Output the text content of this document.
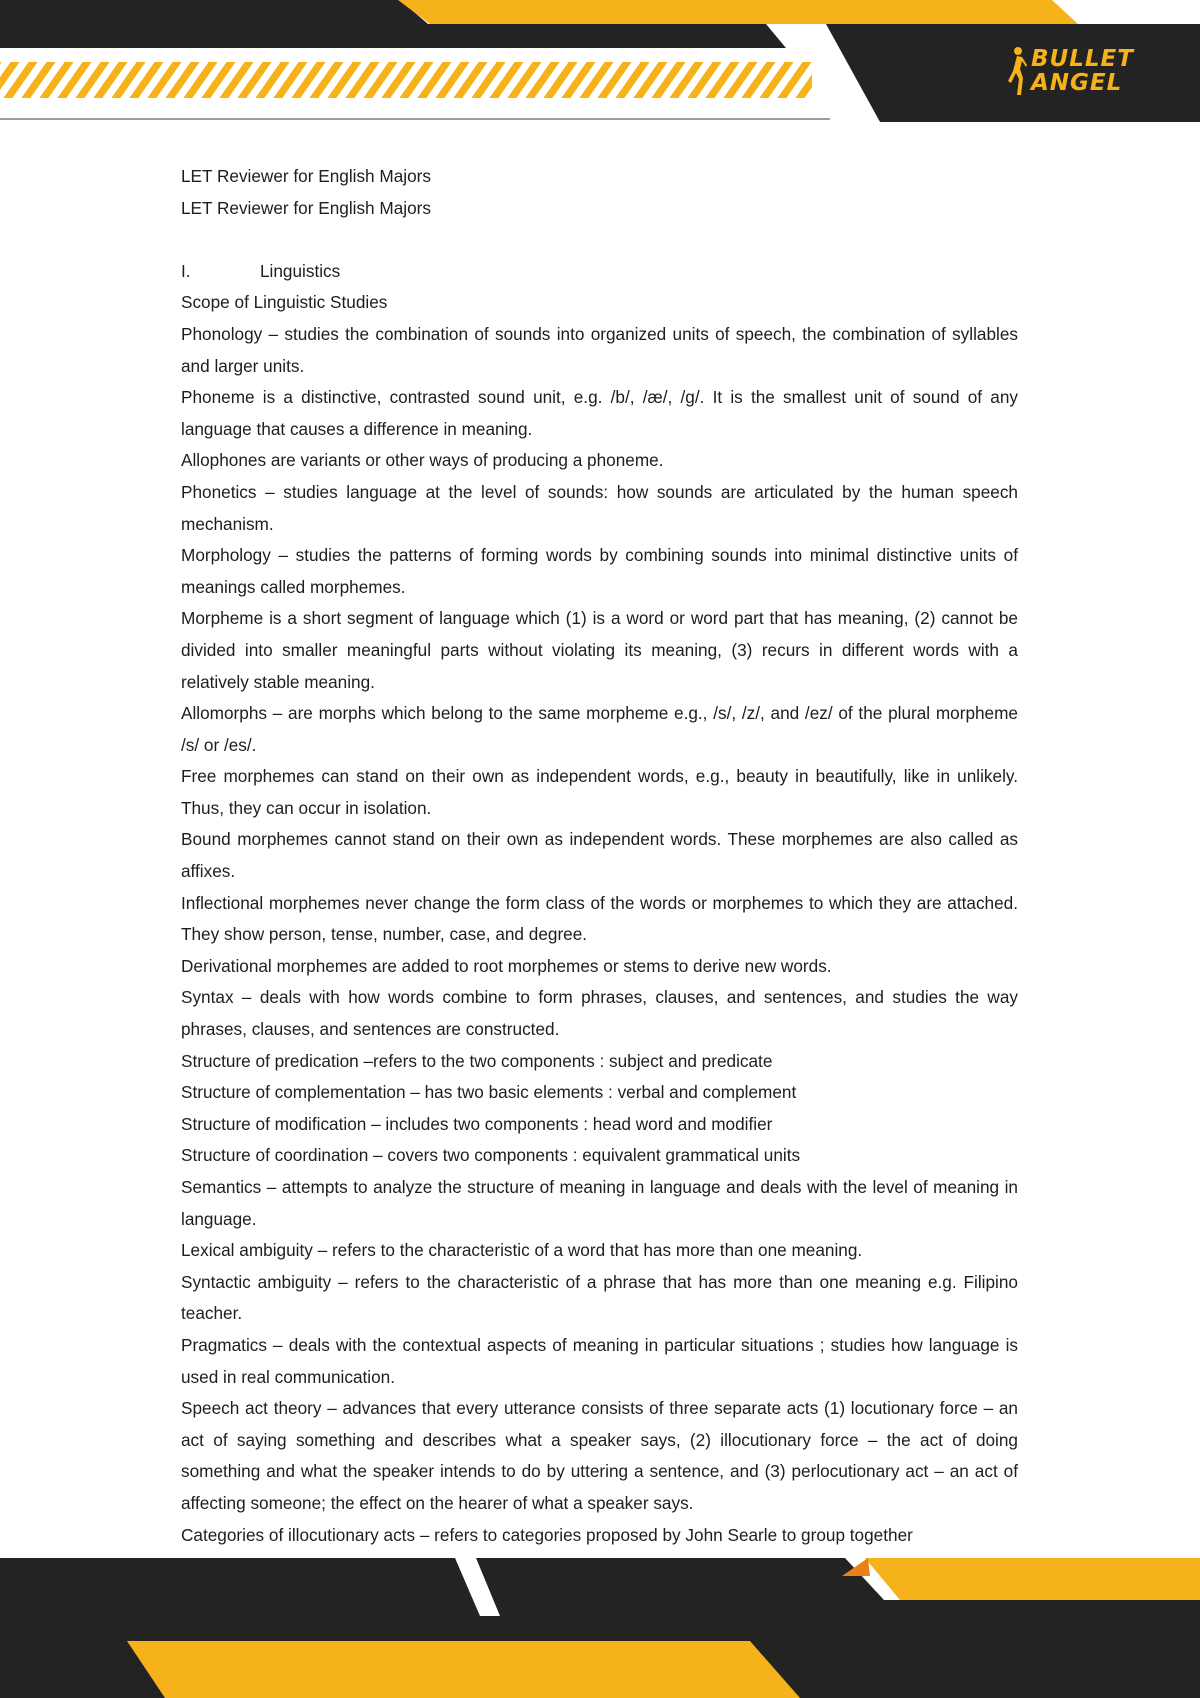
BULLET
ANGEL

LET Reviewer for English Majors

LET Reviewer for English Majors

I.	Linguistics

Scope of Linguistic Studies

Phonology – studies the combination of sounds into organized units of speech, the combination of syllables and larger units.

Phoneme is a distinctive, contrasted sound unit, e.g. /b/, /æ/, /g/. It is the smallest unit of sound of any language that causes a difference in meaning.

Allophones are variants or other ways of producing a phoneme.

Phonetics – studies language at the level of sounds: how sounds are articulated by the human speech mechanism.

Morphology – studies the patterns of forming words by combining sounds into minimal distinctive units of meanings called morphemes.

Morpheme is a short segment of language which (1) is a word or word part that has meaning, (2) cannot be divided into smaller meaningful parts without violating its meaning, (3) recurs in different words with a relatively stable meaning.

Allomorphs – are morphs which belong to the same morpheme e.g., /s/, /z/, and /ez/ of the plural morpheme /s/ or /es/.

Free morphemes can stand on their own as independent words, e.g., beauty in beautifully, like in unlikely. Thus, they can occur in isolation.

Bound morphemes cannot stand on their own as independent words. These morphemes are also called as affixes.

Inflectional morphemes never change the form class of the words or morphemes to which they are attached. They show person, tense, number, case, and degree.

Derivational morphemes are added to root morphemes or stems to derive new words.

Syntax – deals with how words combine to form phrases, clauses, and sentences, and studies the way phrases, clauses, and sentences are constructed.

Structure of predication –refers to the two components : subject and predicate

Structure of complementation – has two basic elements : verbal and complement

Structure of modification – includes two components : head word and modifier

Structure of coordination – covers two components : equivalent grammatical units

Semantics – attempts to analyze the structure of meaning in language and deals with the level of meaning in language.

Lexical ambiguity – refers to the characteristic of a word that has more than one meaning.

Syntactic ambiguity – refers to the characteristic of a phrase that has more than one meaning e.g. Filipino teacher.

Pragmatics – deals with the contextual aspects of meaning in particular situations ; studies how language is used in real communication.

Speech act theory – advances that every utterance consists of three separate acts (1) locutionary force – an act of saying something and describes what a speaker says, (2) illocutionary force – the act of doing something and what the speaker intends to do by uttering a sentence, and (3) perlocutionary act – an act of affecting someone; the effect on the hearer of what a speaker says.

Categories of illocutionary acts – refers to categories proposed by John Searle to group together
